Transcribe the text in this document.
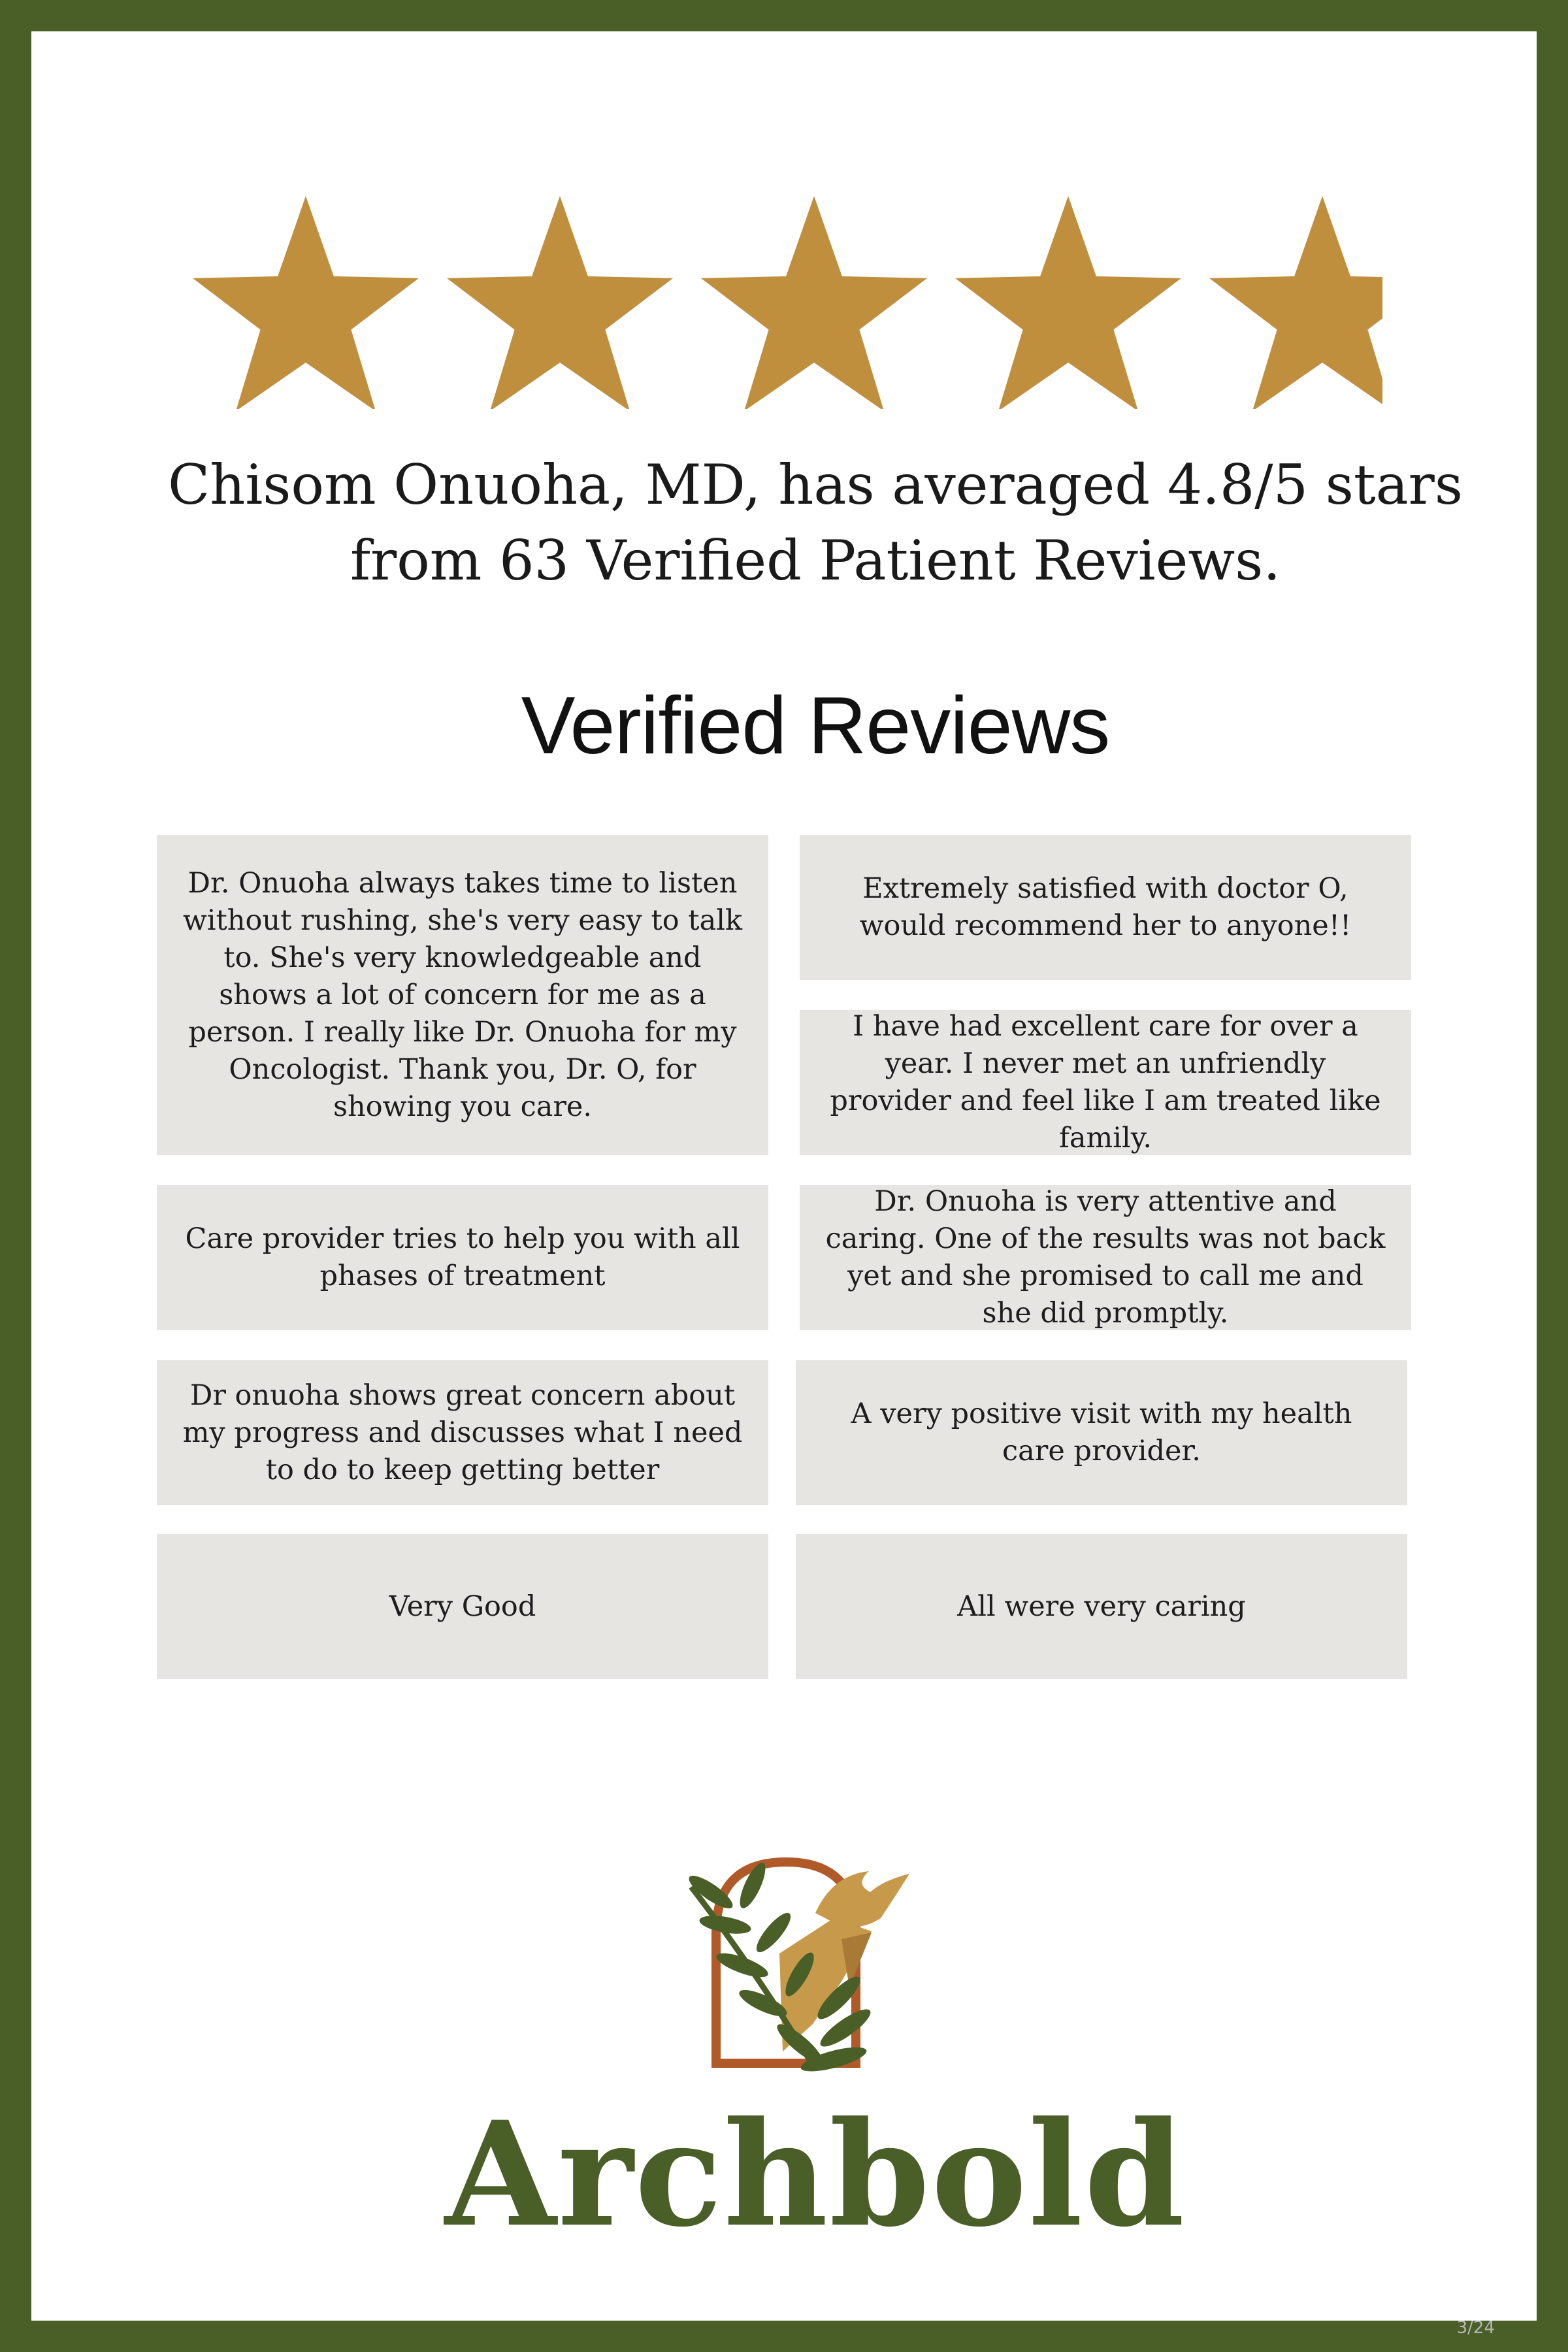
Chisom Onuoha, MD, has averaged 4.8/5 stars
from 63 Verified Patient Reviews.
Verified Reviews
Dr. Onuoha always takes time to listen without rushing, she's very easy to talk to. She's very knowledgeable and shows a lot of concern for me as a person. I really like Dr. Onuoha for my Oncologist. Thank you, Dr. O, for showing you care.
Extremely satisfied with doctor O, would recommend her to anyone!!
I have had excellent care for over a year. I never met an unfriendly provider and feel like I am treated like family.
Care provider tries to help you with all phases of treatment
Dr. Onuoha is very attentive and caring. One of the results was not back yet and she promised to call me and she did promptly.
Dr onuoha shows great concern about my progress and discusses what I need to do to keep getting better
A very positive visit with my health care provider.
Very Good	All were very caring
Archbold
3/24
